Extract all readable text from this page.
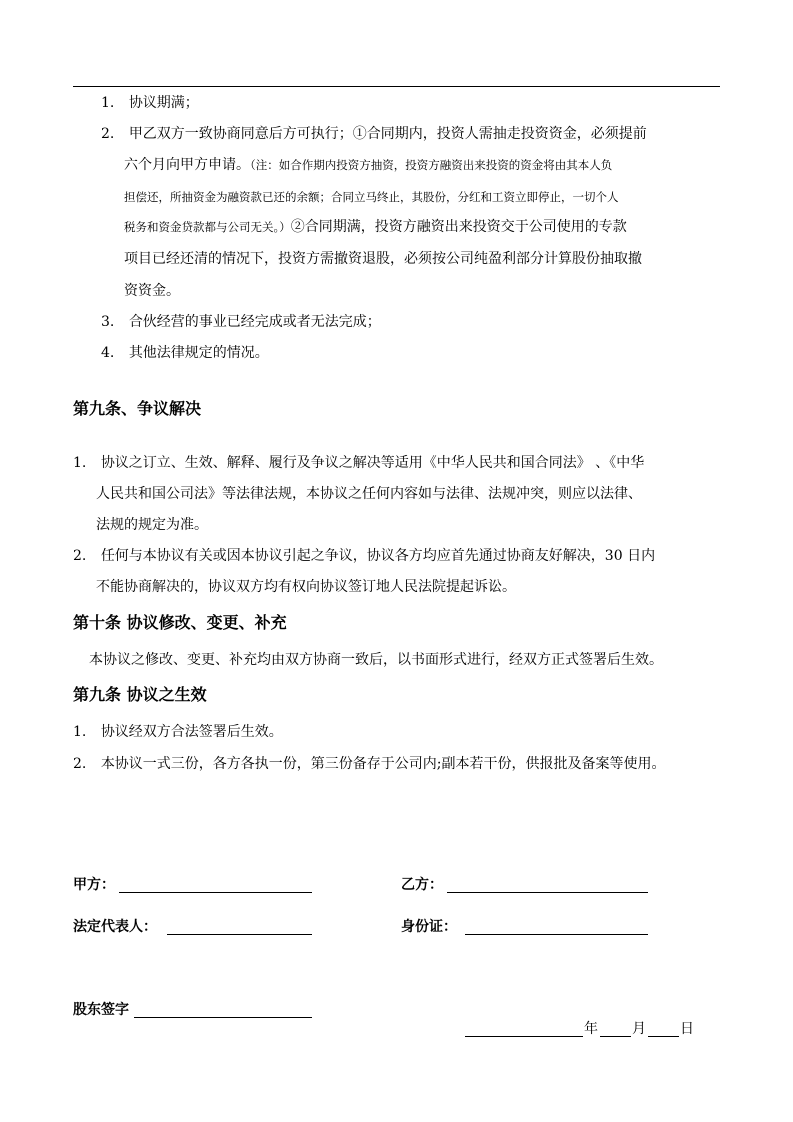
1. 协议期满；
2. 甲乙双方一致协商同意后方可执行；①合同期内，投资人需抽走投资资金，必须提前
六个月向甲方申请。（注：如合作期内投资方抽资，投资方融资出来投资的资金将由其本人负
担偿还，所抽资金为融资款已还的余额；合同立马终止，其股份，分红和工资立即停止，一切个人
税务和资金贷款都与公司无关。）②合同期满，投资方融资出来投资交于公司使用的专款
项目已经还清的情况下，投资方需撤资退股，必须按公司纯盈利部分计算股份抽取撤
资资金。
3. 合伙经营的事业已经完成或者无法完成；
4. 其他法律规定的情况。
第九条、争议解决
1. 协议之订立、生效、解释、履行及争议之解决等适用《中华人民共和国合同法》 、《中华
人民共和国公司法》等法律法规，本协议之任何内容如与法律、法规冲突，则应以法律、
法规的规定为准。
2. 任何与本协议有关或因本协议引起之争议，协议各方均应首先通过协商友好解决，30 日内
不能协商解决的，协议双方均有权向协议签订地人民法院提起诉讼。
第十条 协议修改、变更、补充
本协议之修改、变更、补充均由双方协商一致后，以书面形式进行，经双方正式签署后生效。
第九条 协议之生效
1. 协议经双方合法签署后生效。
2. 本协议一式三份，各方各执一份，第三份备存于公司内;副本若干份，供报批及备案等使用。
甲方：	乙方：
法定代表人：	身份证：
股东签字
年 月 日
